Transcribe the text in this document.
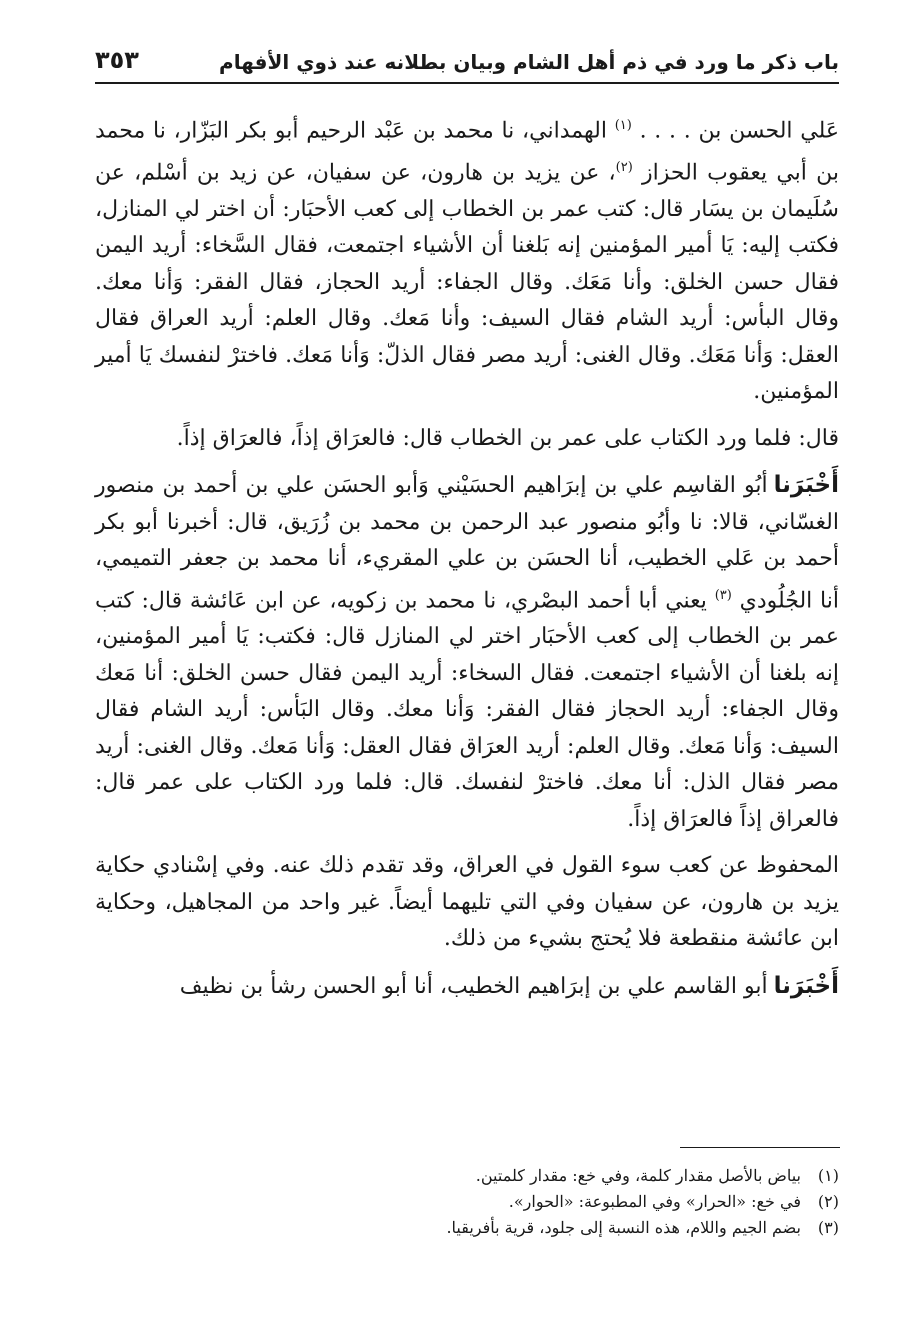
باب ذكر ما ورد في ذم أهل الشام وبيان بطلانه عند ذوي الأفهام
٣٥٣

عَلي الحسن بن . . . . $^{(١)}$ الهمداني، نا محمد بن عَبْد الرحيم أبو بكر البَزّار، نا محمد بن أبي يعقوب الحزاز $^{(٢)}$، عن يزيد بن هارون، عن سفيان، عن زيد بن أسْلم، عن سُلَيمان بن يسَار قال: كتب عمر بن الخطاب إلى كعب الأحبَار: أن اختر لي المنازل، فكتب إليه: يَا أمير المؤمنين إنه بَلغنا أن الأشياء اجتمعت، فقال السَّخاء: أريد اليمن فقال حسن الخلق: وأنا مَعَك. وقال الجفاء: أريد الحجاز، فقال الفقر: وَأنا معك. وقال البأس: أريد الشام فقال السيف: وأنا مَعك. وقال العلم: أريد العراق فقال العقل: وَأنا مَعَك. وقال الغنى: أريد مصر فقال الذلّ: وَأنا مَعك. فاخترْ لنفسك يَا أمير المؤمنين.

قال: فلما ورد الكتاب على عمر بن الخطاب قال: فالعرَاق إذاً، فالعرَاق إذاً.

أَخْبَرَناأبُو القاسِم علي بن إبرَاهيم الحسَيْني وَأبو الحسَن علي بن أحمد بن منصور الغسّاني، قالا: نا وأبُو منصور عبد الرحمن بن محمد بن زُرَيق، قال: أخبرنا أبو بكر أحمد بن عَلي الخطيب، أنا الحسَن بن علي المقريء، أنا محمد بن جعفر التميمي، أنا الجُلُودي $^{(٣)}$ يعني أبا أحمد البصْري، نا محمد بن زكويه، عن ابن عَائشة قال: كتب عمر بن الخطاب إلى كعب الأحبَار اختر لي المنازل قال: فكتب: يَا أمير المؤمنين، إنه بلغنا أن الأشياء اجتمعت. فقال السخاء: أريد اليمن فقال حسن الخلق: أنا مَعك وقال الجفاء: أريد الحجاز فقال الفقر: وَأنا معك. وقال البَأس: أريد الشام فقال السيف: وَأنا مَعك. وقال العلم: أريد العرَاق فقال العقل: وَأنا مَعك. وقال الغنى: أريد مصر فقال الذل: أنا معك. فاخترْ لنفسك. قال: فلما ورد الكتاب على عمر قال: فالعراق إذاً فالعرَاق إذاً.

المحفوظ عن كعب سوء القول في العراق، وقد تقدم ذلك عنه. وفي إسْنادي حكاية يزيد بن هارون، عن سفيان وفي التي تليهما أيضاً. غير واحد من المجاهيل، وحكاية ابن عائشة منقطعة فلا يُحتج بشيء من ذلك.

أَخْبَرَناأبو القاسم علي بن إبرَاهيم الخطيب، أنا أبو الحسن رشأ بن نظيف

(١)بياض بالأصل مقدار كلمة، وفي خع: مقدار كلمتين.

(٢)في خع: «الحرار» وفي المطبوعة: «الحوار».

(٣)بضم الجيم واللام، هذه النسبة إلى جلود، قرية بأفريقيا.
